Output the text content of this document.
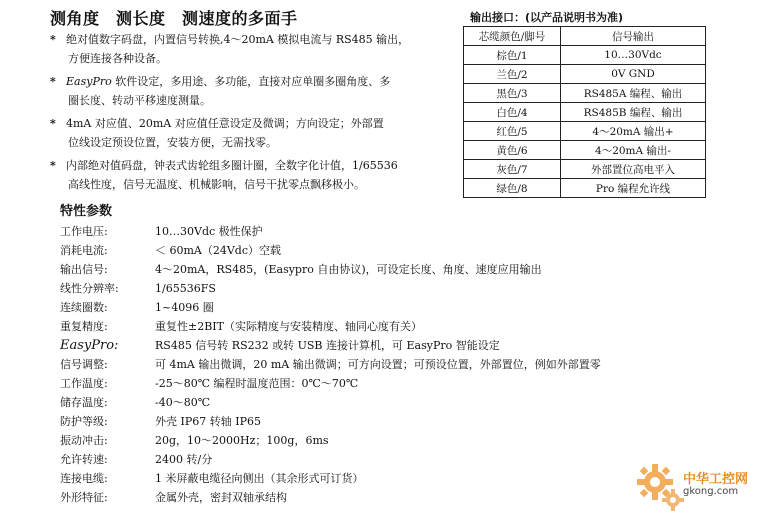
测角度　测长度　测速度的多面手
* 绝对值数字码盘，内置信号转换,4～20mA 模拟电流与 RS485 输出，
方便连接各种设备。
* EasyPro 软件设定，多用途、多功能，直接对应单圈多圈角度、多
圈长度、转动平移速度测量。
* 4mA 对应值、20mA 对应值任意设定及微调；方向设定；外部置
位线设定预设位置，安装方便，无需找零。
* 内部绝对值码盘，钟表式齿轮组多圈计圈，全数字化计值，1/65536
高线性度，信号无温度、机械影响，信号干扰零点飘移极小。
输出接口：(以产品说明书为准)
芯缆颜色/脚号	信号输出
棕色/1	10…30Vdc
兰色/2	0V GND
黑色/3	RS485A 编程、输出
白色/4	RS485B 编程、输出
红色/5	4～20mA 输出+
黄色/6	4～20mA 输出-
灰色/7	外部置位高电平入
绿色/8	Pro 编程允许线
特性参数
工作电压:	10…30Vdc 极性保护
消耗电流:	＜ 60mA（24Vdc）空载
输出信号:	4～20mA，RS485，(Easypro 自由协议)，可设定长度、角度、速度应用输出
线性分辨率:	1/65536FS
连续圈数:	1~4096 圈
重复精度:	重复性±2BIT（实际精度与安装精度、轴同心度有关）
EasyPro:	RS485 信号转 RS232 或转 USB 连接计算机，可 EasyPro 智能设定
信号调整:	可 4mA 输出微调，20 mA 输出微调；可方向设置；可预设位置，外部置位，例如外部置零
工作温度:	-25～80℃ 编程时温度范围：0℃～70℃
储存温度:	-40～80℃
防护等级:	外壳 IP67 转轴 IP65
振动冲击:	20g，10～2000Hz；100g，6ms
允许转速:	2400 转/分
连接电缆:	1 米屏蔽电缆径向侧出（其余形式可订货）
外形特征:	金属外壳，密封双轴承结构
中华工控网
gkong.com
